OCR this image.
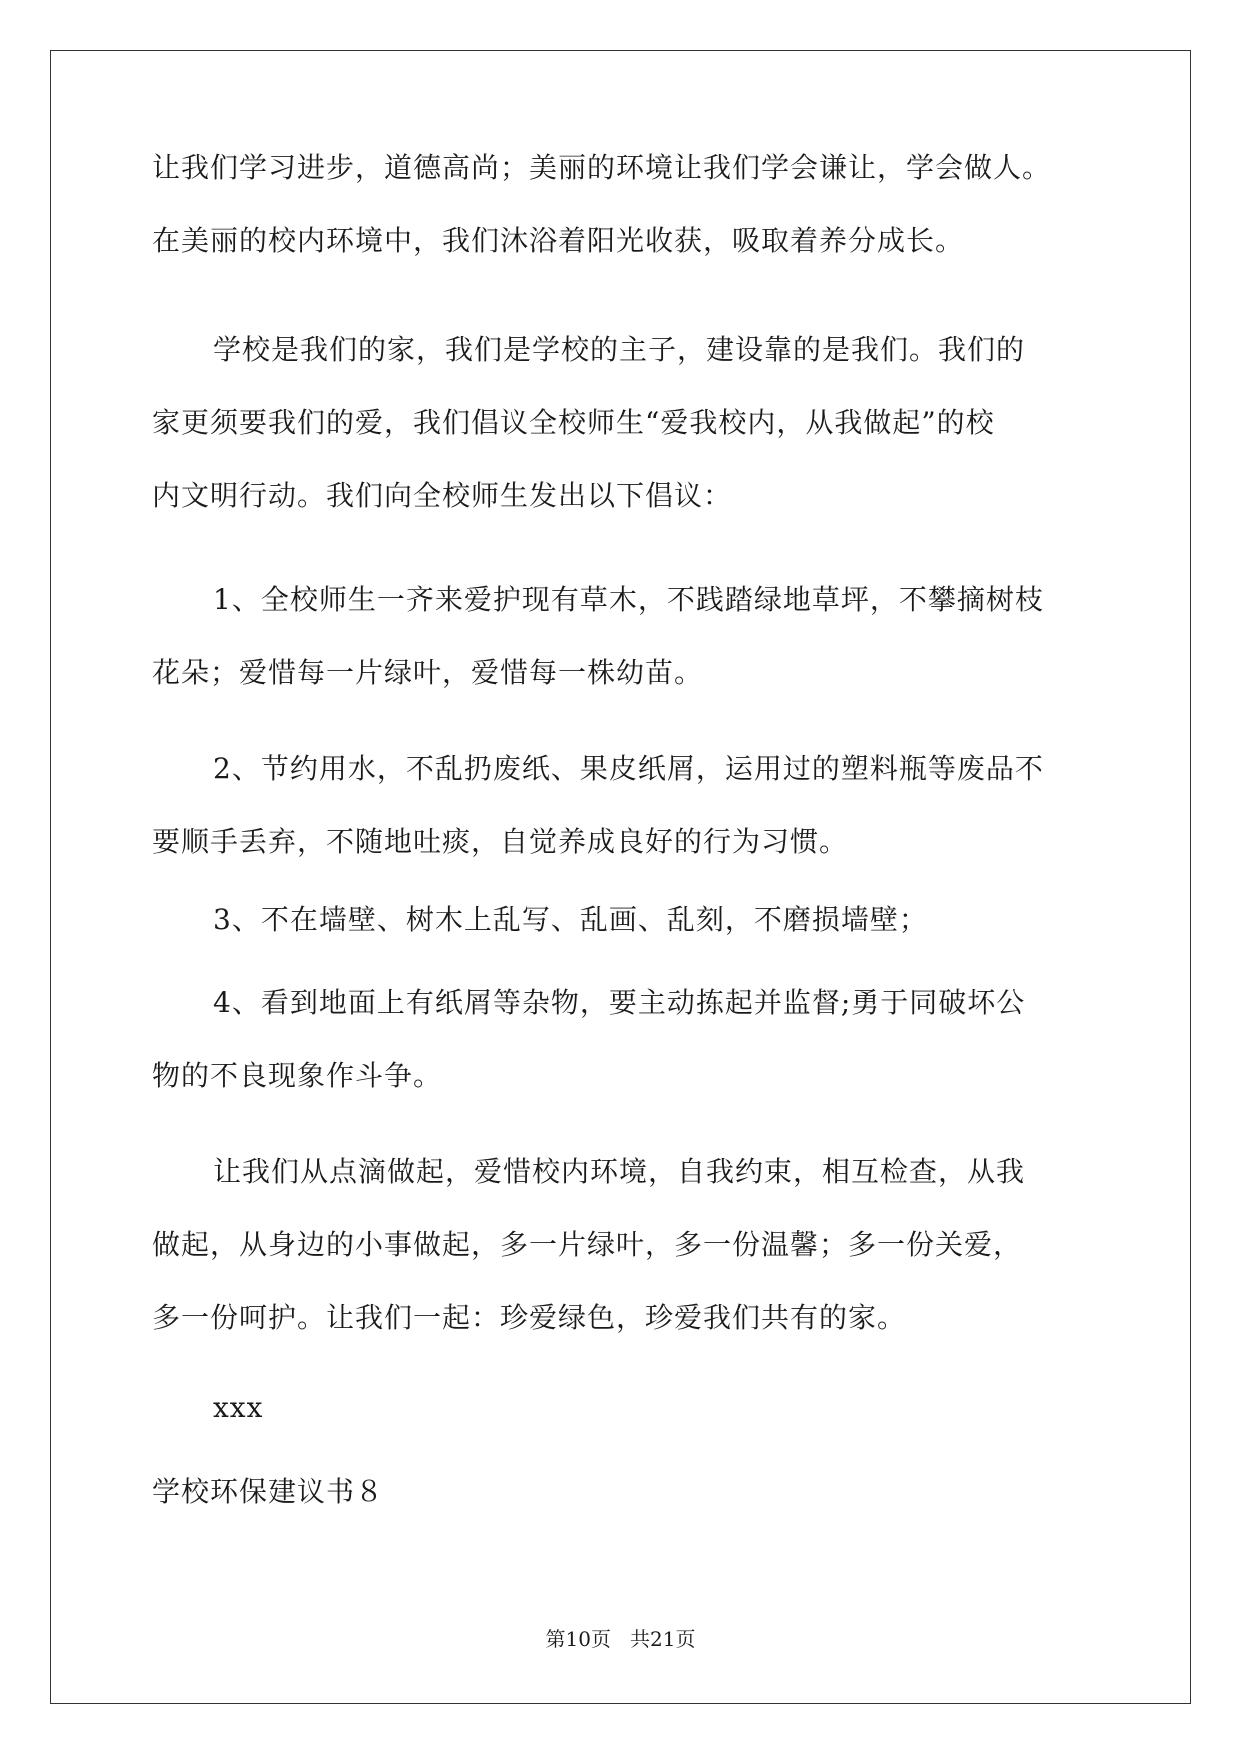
让我们学习进步，道德高尚；美丽的环境让我们学会谦让，学会做人。
在美丽的校内环境中，我们沐浴着阳光收获，吸取着养分成长。
学校是我们的家，我们是学校的主子，建设靠的是我们。我们的
家更须要我们的爱，我们倡议全校师生“爱我校内，从我做起”的校
内文明行动。我们向全校师生发出以下倡议：
1、全校师生一齐来爱护现有草木，不践踏绿地草坪，不攀摘树枝
花朵；爱惜每一片绿叶，爱惜每一株幼苗。
2、节约用水，不乱扔废纸、果皮纸屑，运用过的塑料瓶等废品不
要顺手丢弃，不随地吐痰，自觉养成良好的行为习惯。
3、不在墙壁、树木上乱写、乱画、乱刻，不磨损墙壁；
4、看到地面上有纸屑等杂物，要主动拣起并监督;勇于同破坏公
物的不良现象作斗争。
让我们从点滴做起，爱惜校内环境，自我约束，相互检查，从我
做起，从身边的小事做起，多一片绿叶，多一份温馨；多一份关爱，
多一份呵护。让我们一起：珍爱绿色，珍爱我们共有的家。
xxx
学校环保建议书８
第10页   共21页
